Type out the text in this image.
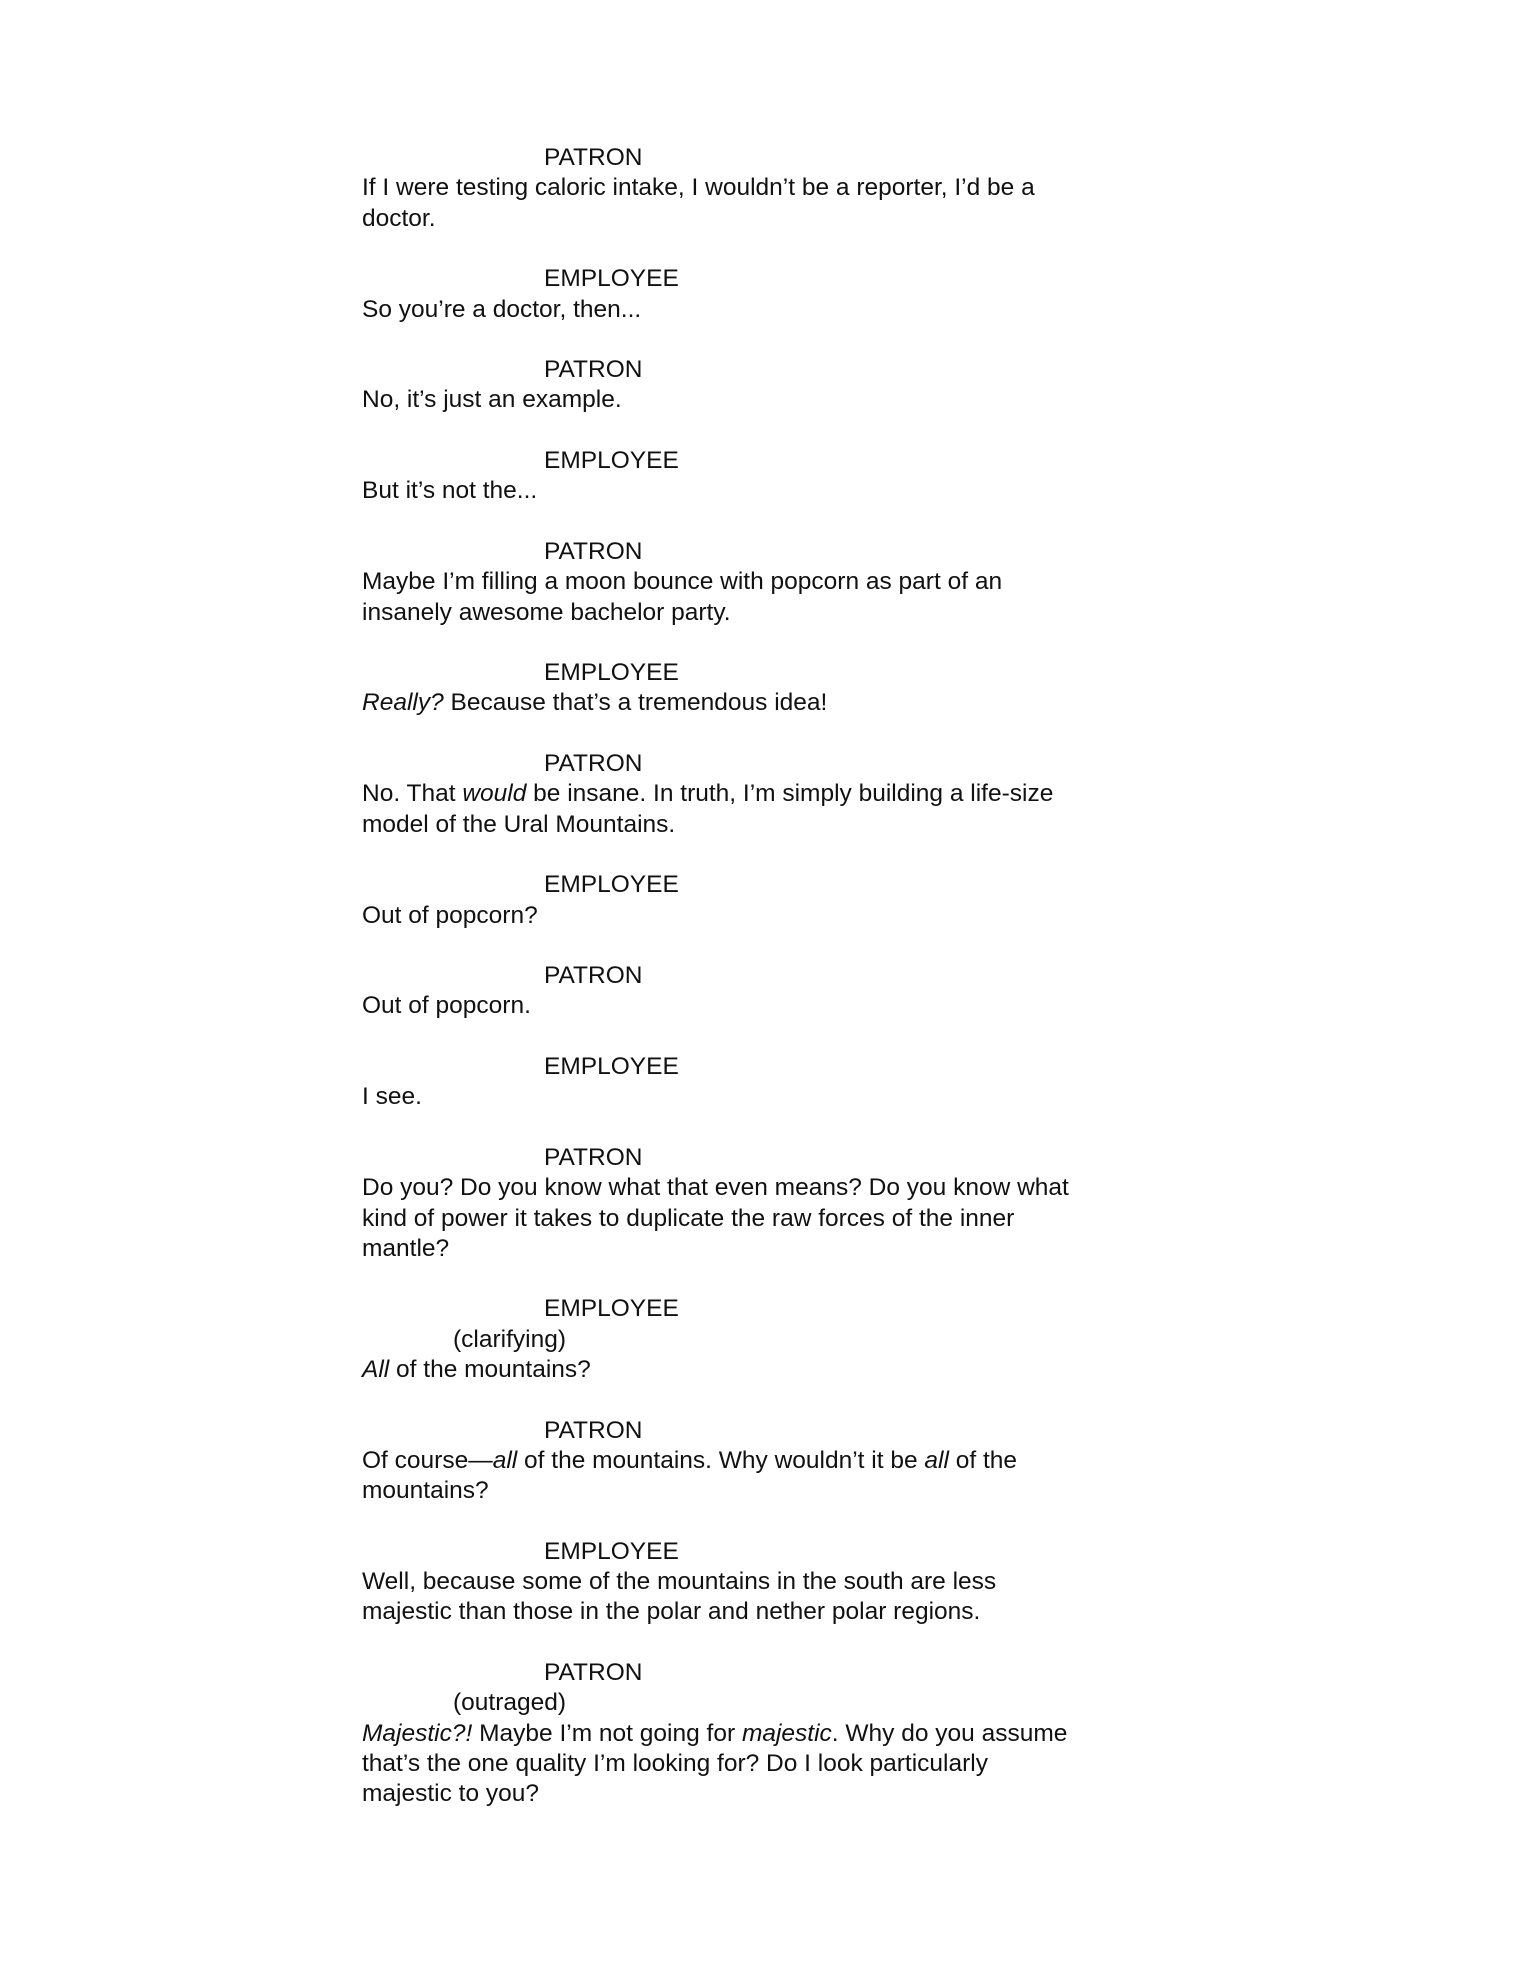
PATRON

If I were testing caloric intake, I wouldn’t be a reporter, I’d be a

doctor.

EMPLOYEE

So you’re a doctor, then...

PATRON

No, it’s just an example.

EMPLOYEE

But it’s not the...

PATRON

Maybe I’m filling a moon bounce with popcorn as part of an

insanely awesome bachelor party.

EMPLOYEE

Really? Because that’s a tremendous idea!

PATRON

No. That would be insane. In truth, I’m simply building a life-size

model of the Ural Mountains.

EMPLOYEE

Out of popcorn?

PATRON

Out of popcorn.

EMPLOYEE

I see.

PATRON

Do you? Do you know what that even means? Do you know what

kind of power it takes to duplicate the raw forces of the inner

mantle?

EMPLOYEE

(clarifying)

All of the mountains?

PATRON

Of course—all of the mountains. Why wouldn’t it be all of the

mountains?

EMPLOYEE

Well, because some of the mountains in the south are less

majestic than those in the polar and nether polar regions.

PATRON

(outraged)

Majestic?! Maybe I’m not going for majestic. Why do you assume

that’s the one quality I’m looking for? Do I look particularly

majestic to you?
